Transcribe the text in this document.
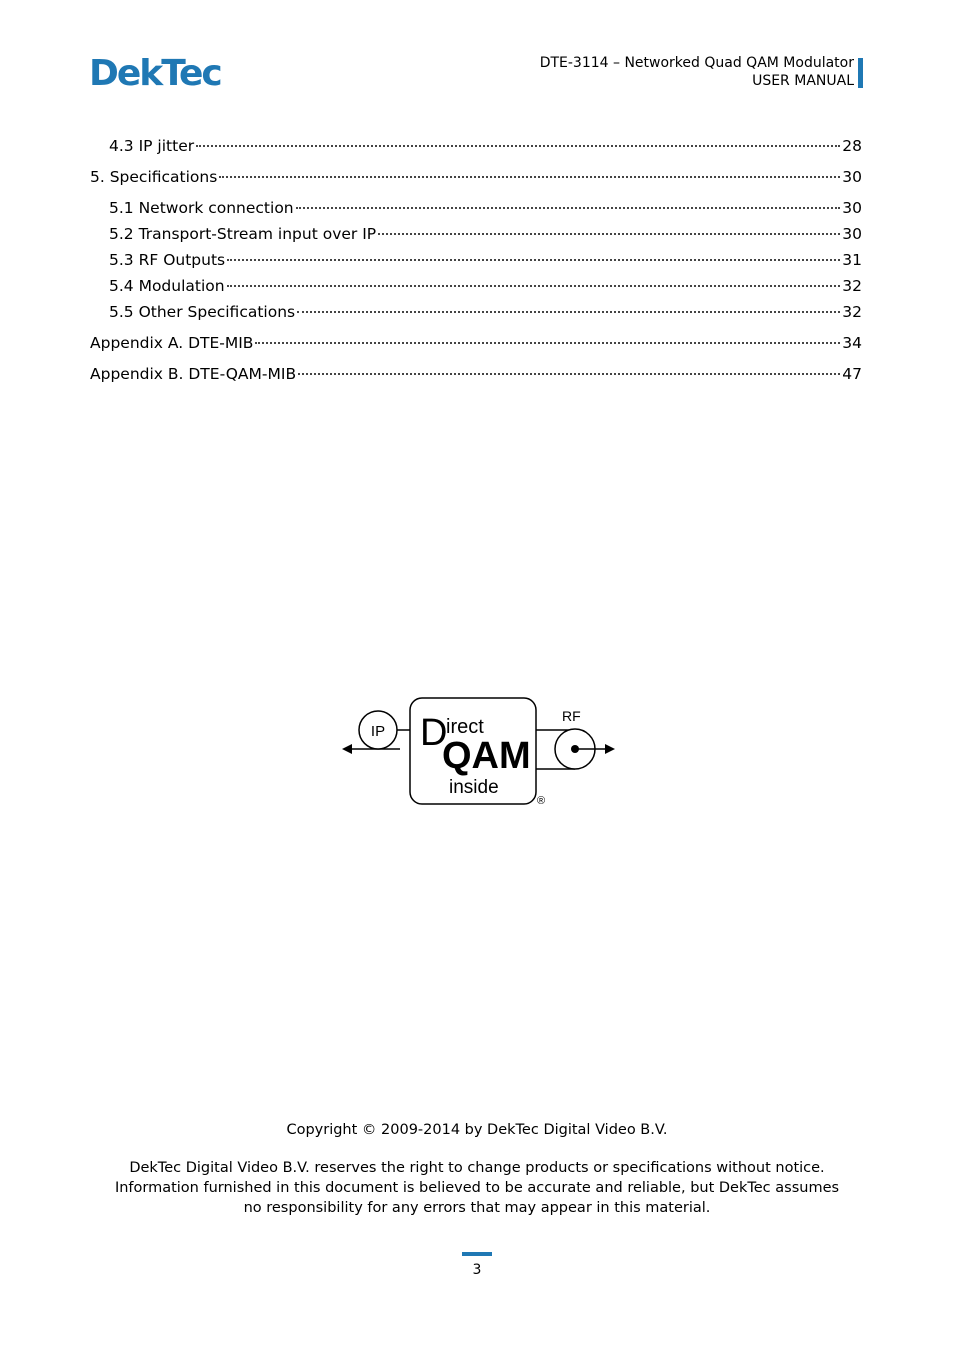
DekTec	DTE-3114 – Networked Quad QAM Modulator
USER MANUAL
4.3 IP jitter	28
5. Specifications	30
5.1 Network connection	30
5.2 Transport-Stream input over IP	30
5.3 RF Outputs	31
5.4 Modulation	32
5.5 Other Specifications	32
Appendix A. DTE-MIB	34
Appendix B. DTE-QAM-MIB	47
IP D
irect
QAM
inside
®
RF
Copyright © 2009-2014 by DekTec Digital Video B.V.
DekTec Digital Video B.V. reserves the right to change products or specifications without notice. Information furnished in this document is believed to be accurate and reliable, but DekTec assumes no responsibility for any errors that may appear in this material.
3
